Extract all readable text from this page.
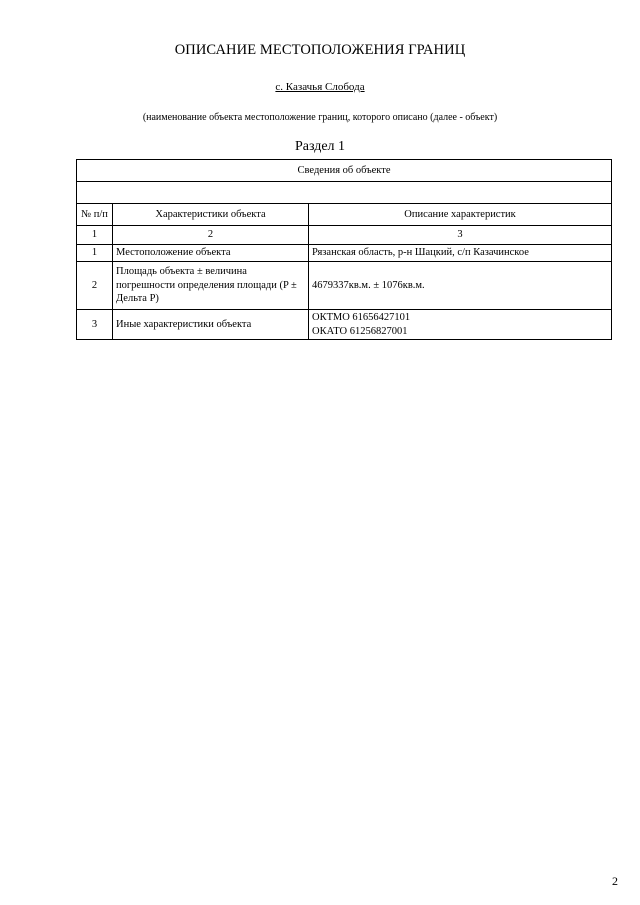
ОПИСАНИЕ МЕСТОПОЛОЖЕНИЯ ГРАНИЦ
с. Казачья Слобода
(наименование объекта местоположение границ, которого описано (далее - объект)
Раздел 1
Сведения об объекте		

№ п/п	Характеристики объекта	Описание характеристик
1	2	3
1	Местоположение объекта	Рязанская область, р-н Шацкий, с/п Казачинское
2	Площадь объекта ± величина погрешности определения площади (P ± Дельта P)	4679337кв.м. ± 1076кв.м.
3	Иные характеристики объекта	ОКТМО 61656427101
ОКАТО 61256827001
2
